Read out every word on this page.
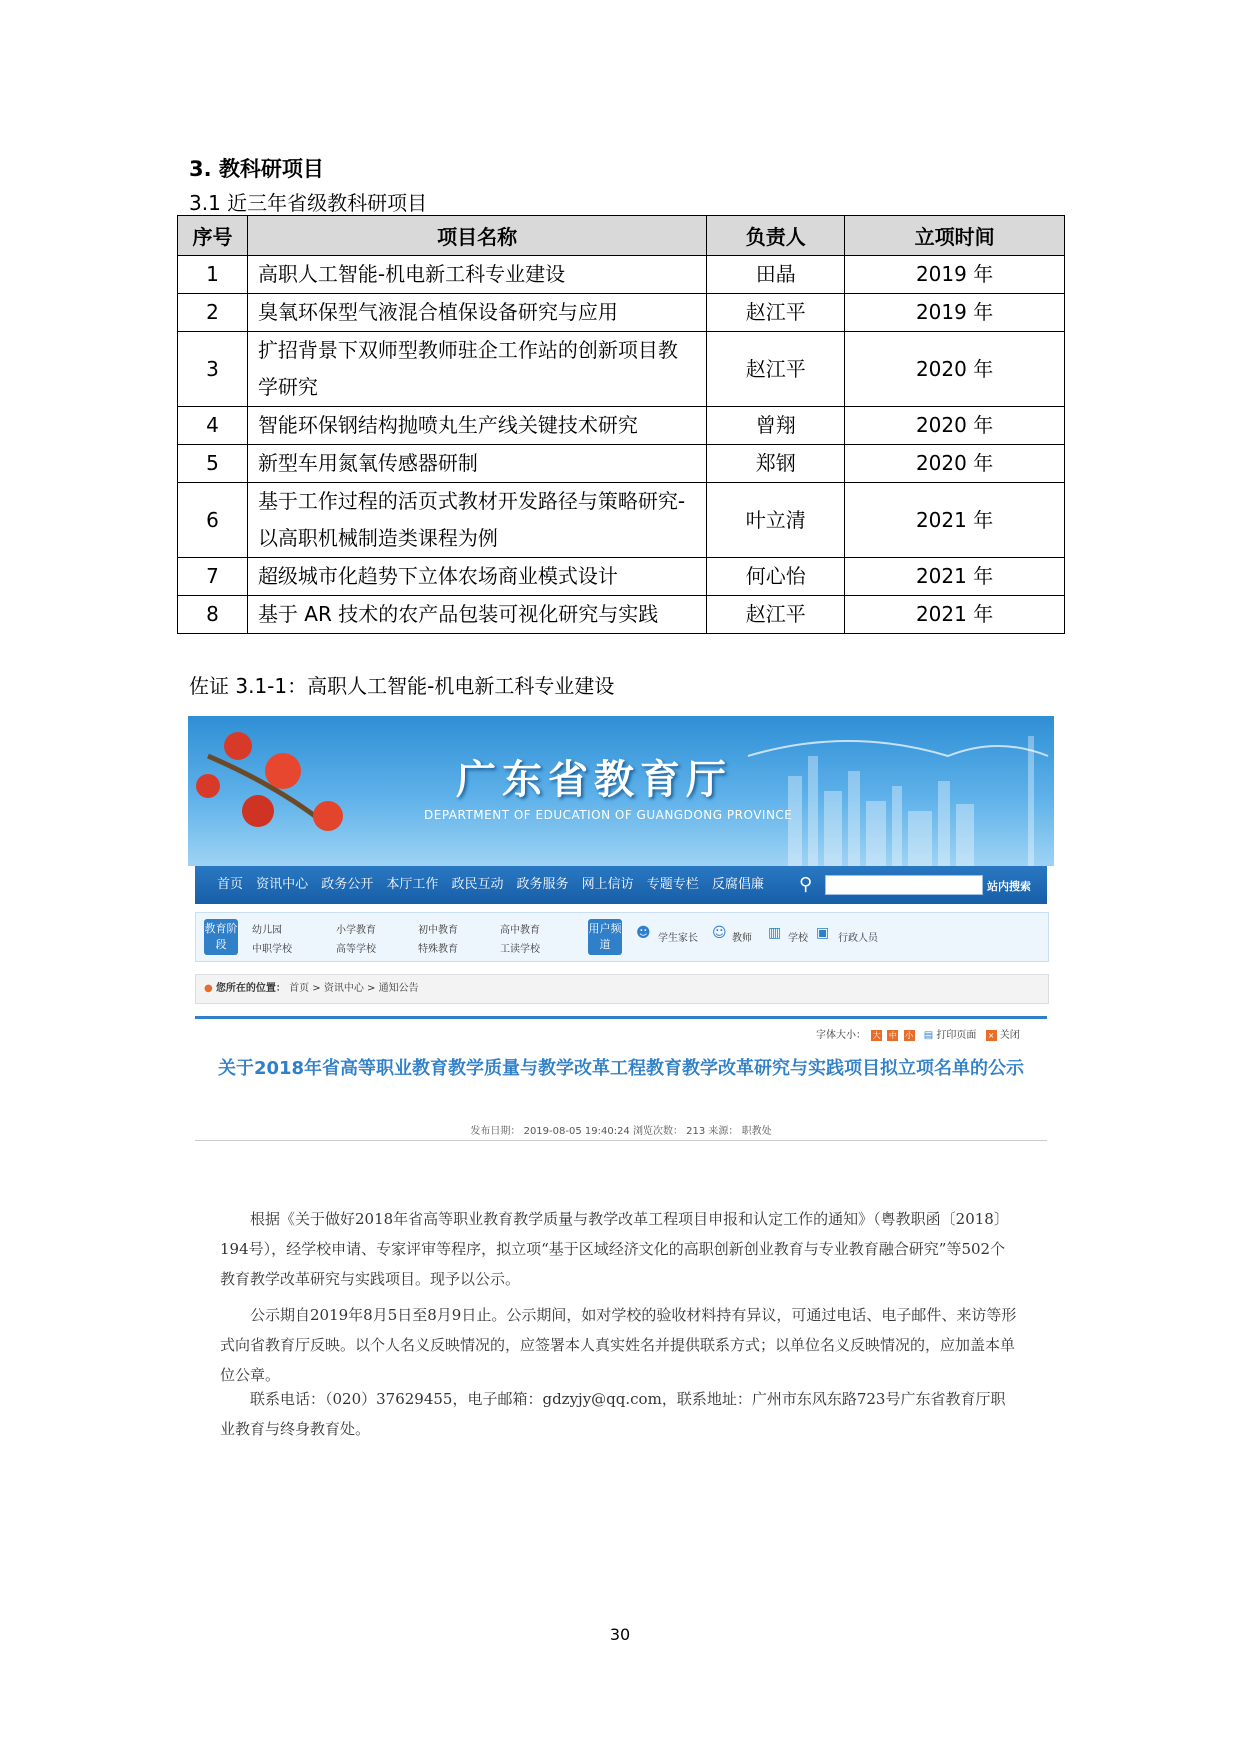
3. 教科研项目
3.1 近三年省级教科研项目
序号	项目名称	负责人	立项时间
1	高职人工智能-机电新工科专业建设	田晶	2019 年
2	臭氧环保型气液混合植保设备研究与应用	赵江平	2019 年
3	扩招背景下双师型教师驻企工作站的创新项目教学研究	赵江平	2020 年
4	智能环保钢结构抛喷丸生产线关键技术研究	曾翔	2020 年
5	新型车用氮氧传感器研制	郑钢	2020 年
6	基于工作过程的活页式教材开发路径与策略研究-以高职机械制造类课程为例	叶立清	2021 年
7	超级城市化趋势下立体农场商业模式设计	何心怡	2021 年
8	基于 AR 技术的农产品包装可视化研究与实践	赵江平	2021 年
佐证 3.1-1：高职人工智能-机电新工科专业建设
广东省教育厅
DEPARTMENT OF EDUCATION OF GUANGDONG PROVINCE
首页 资讯中心 政务公开 本厅工作 政民互动 政务服务 网上信访 专题专栏 反腐倡廉 ⚲	站内搜索
教育阶段
幼儿园	小学教育	初中教育	高中教育
中职学校	高等学校	特殊教育	工读学校
用户频道
☻ 学生家长 ☺ 教师 ▥ 学校 ▣ 行政人员
● 您所在的位置： 首页 > 资讯中心 > 通知公告
字体大小： 大 中 小 ▤ 打印页面 × 关闭
关于2018年省高等职业教育教学质量与教学改革工程教育教学改革研究与实践项目拟立项名单的公示
发布日期： 2019-08-05 19:40:24 浏览次数： 213 来源： 职教处
根据《关于做好2018年省高等职业教育教学质量与教学改革工程项目申报和认定工作的通知》（粤教职函〔2018〕194号），经学校申请、专家评审等程序，拟立项“基于区域经济文化的高职创新创业教育与专业教育融合研究”等502个教育教学改革研究与实践项目。现予以公示。
公示期自2019年8月5日至8月9日止。公示期间，如对学校的验收材料持有异议，可通过电话、电子邮件、来访等形式向省教育厅反映。以个人名义反映情况的，应签署本人真实姓名并提供联系方式；以单位名义反映情况的，应加盖本单位公章。
联系电话：（020）37629455，电子邮箱：gdzyjy@qq.com，联系地址：广州市东风东路723号广东省教育厅职业教育与终身教育处。
30
